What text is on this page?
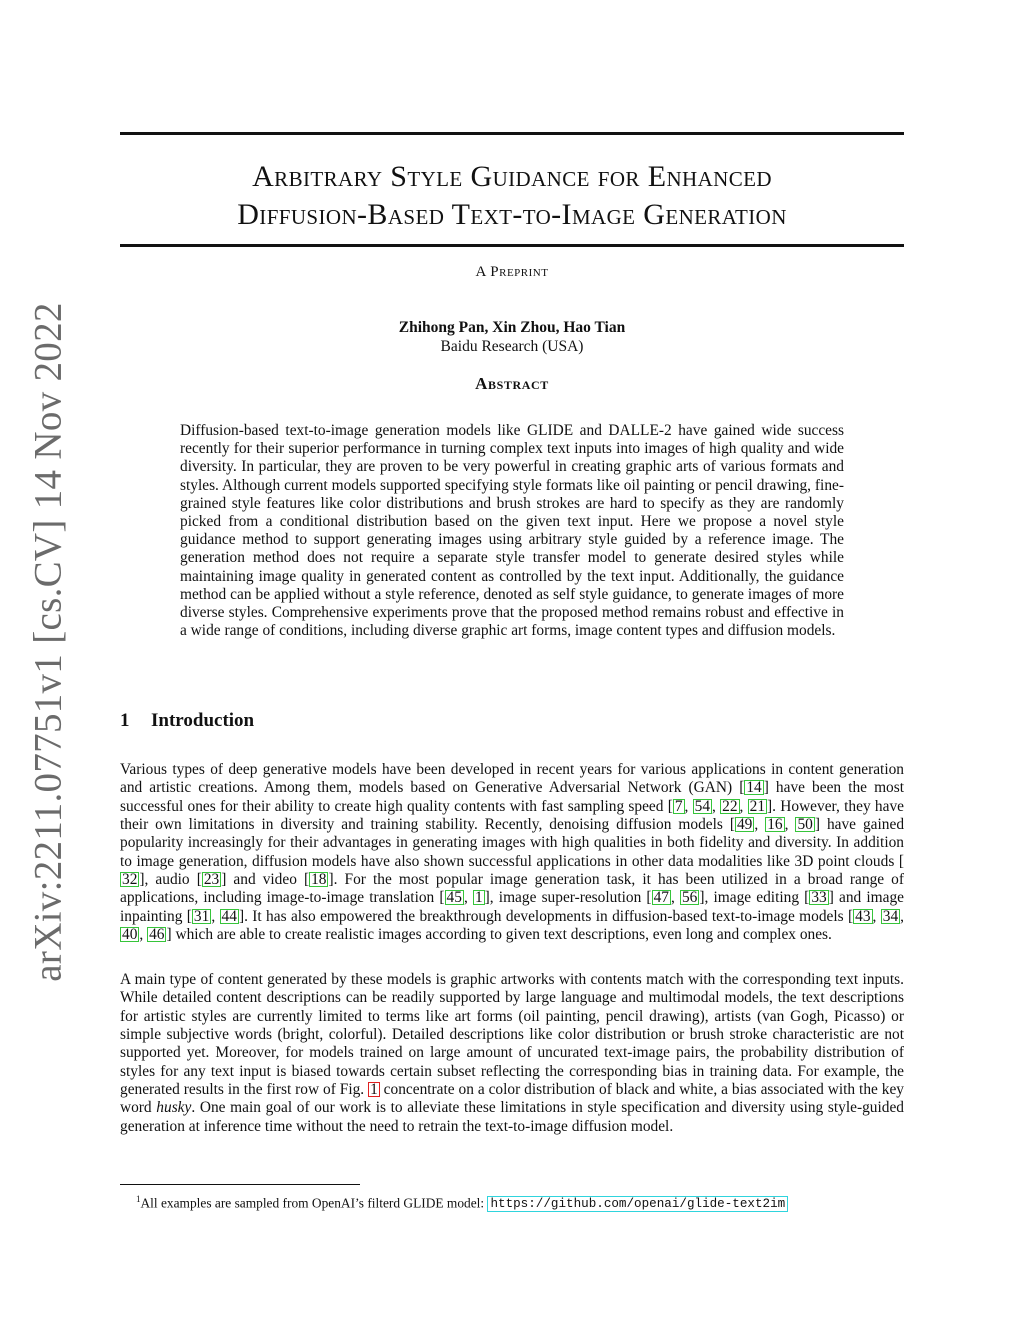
arXiv:2211.07751v1 [cs.CV] 14 Nov 2022
Arbitrary Style Guidance for Enhanced
Diffusion-Based Text-to-Image Generation
A Preprint
Zhihong Pan, Xin Zhou, Hao Tian
Baidu Research (USA)
Abstract
Diffusion-based text-to-image generation models like GLIDE and DALLE-2 have gained wide success recently for their superior performance in turning complex text inputs into images of high quality and wide diversity. In particular, they are proven to be very powerful in creating graphic arts of various formats and styles. Although current models supported specifying style formats like oil painting or pencil drawing, fine-grained style features like color distributions and brush strokes are hard to specify as they are randomly picked from a conditional distribution based on the given text input. Here we propose a novel style guidance method to support generating images using arbitrary style guided by a reference image. The generation method does not require a separate style transfer model to generate desired styles while maintaining image quality in generated content as controlled by the text input. Additionally, the guidance method can be applied without a style reference, denoted as self style guidance, to generate images of more diverse styles. Comprehensive experiments prove that the proposed method remains robust and effective in a wide range of conditions, including diverse graphic art forms, image content types and diffusion models.
1 Introduction
Various types of deep generative models have been developed in recent years for various applications in content generation and artistic creations. Among them, models based on Generative Adversarial Network (GAN) [ 14 ] have been the most successful ones for their ability to create high quality contents with fast sampling speed [ 7 , 54 , 22 , 21 ]. However, they have their own limitations in diversity and training stability. Recently, denoising diffusion models [ 49 , 16 , 50 ] have gained popularity increasingly for their advantages in generating images with high qualities in both fidelity and diversity. In addition to image generation, diffusion models have also shown successful applications in other data modalities like 3D point clouds [32 ], audio [ 23 ] and video [ 18 ]. For the most popular image generation task, it has been utilized in a broad range of applications, including image-to-image translation [ 45 , 1 ], image super-resolution [ 47 , 56 ], image editing [ 33 ] and image inpainting [ 31 , 44 ]. It has also empowered the breakthrough developments in diffusion-based text-to-image models [ 43 , 34 , 40 , 46 ] which are able to create realistic images according to given text descriptions, even long and complex ones.
A main type of content generated by these models is graphic artworks with contents match with the corresponding text inputs. While detailed content descriptions can be readily supported by large language and multimodal models, the text descriptions for artistic styles are currently limited to terms like art forms (oil painting, pencil drawing), artists (van Gogh, Picasso) or simple subjective words (bright, colorful). Detailed descriptions like color distribution or brush stroke characteristic are not supported yet. Moreover, for models trained on large amount of uncurated text-image pairs, the probability distribution of styles for any text input is biased towards certain subset reflecting the corresponding bias in training data. For example, the generated results in the first row of Fig. 1 concentrate on a color distribution of black and white, a bias associated with the key word husky. One main goal of our work is to alleviate these limitations in style specification and diversity using style-guided generation at inference time without the need to retrain the text-to-image diffusion model.
$^1$All examples are sampled from OpenAI’s filterd GLIDE model: https://github.com/openai/glide-text2im
